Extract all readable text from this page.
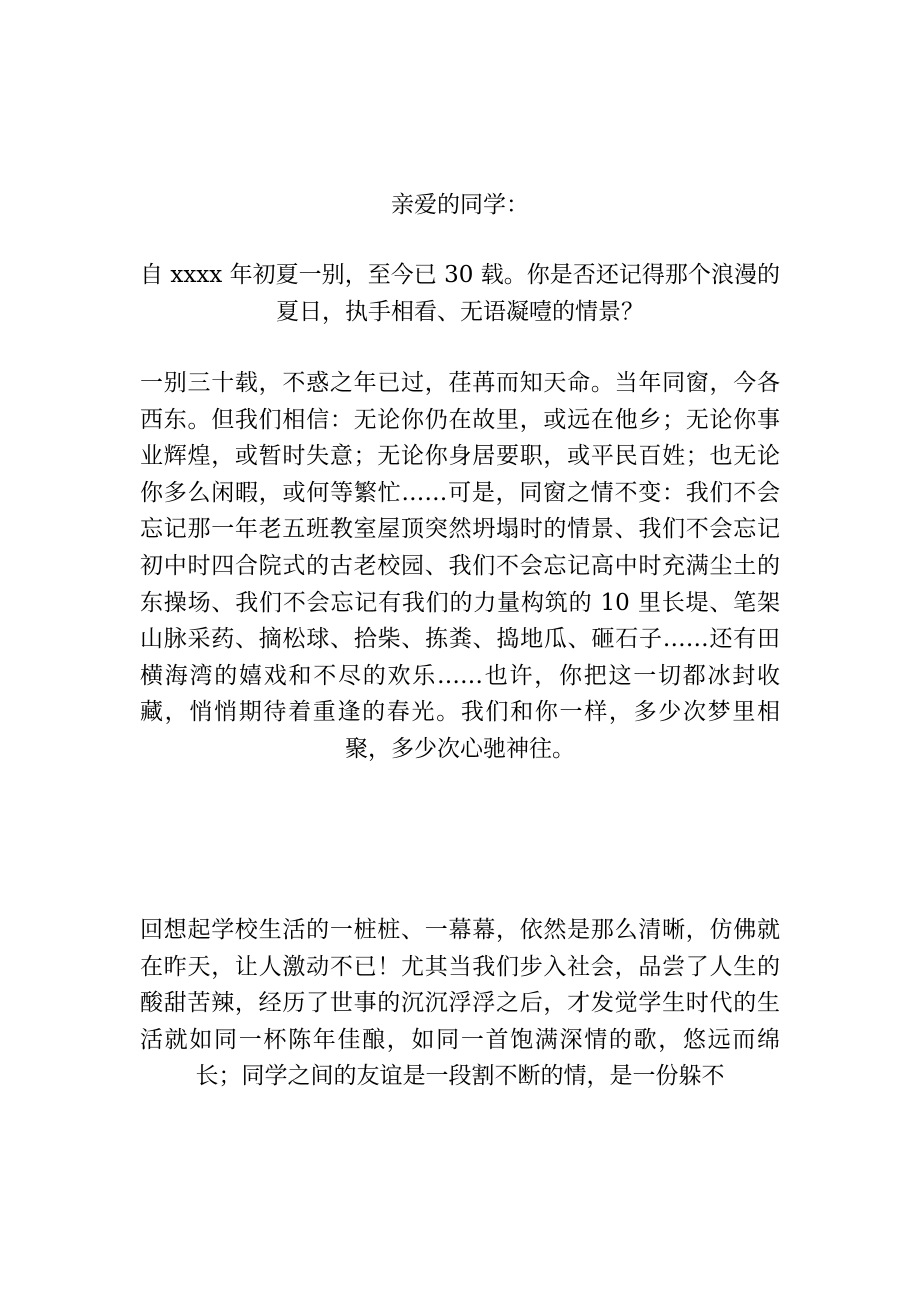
亲爱的同学：
自 xxxx 年初夏一别，至今已 30 载。你是否还记得那个浪漫的夏日，执手相看、无语凝噎的情景？
一别三十载，不惑之年已过，荏苒而知天命。当年同窗，今各西东。但我们相信：无论你仍在故里，或远在他乡；无论你事业辉煌，或暂时失意；无论你身居要职，或平民百姓；也无论你多么闲暇，或何等繁忙……可是，同窗之情不变：我们不会忘记那一年老五班教室屋顶突然坍塌时的情景、我们不会忘记初中时四合院式的古老校园、我们不会忘记高中时充满尘土的东操场、我们不会忘记有我们的力量构筑的 10 里长堤、笔架山脉采药、摘松球、拾柴、拣粪、捣地瓜、砸石子……还有田横海湾的嬉戏和不尽的欢乐……也许，你把这一切都冰封收藏，悄悄期待着重逢的春光。我们和你一样，多少次梦里相聚，多少次心驰神往。
回想起学校生活的一桩桩、一幕幕，依然是那么清晰，仿佛就在昨天，让人激动不已！尤其当我们步入社会，品尝了人生的酸甜苦辣，经历了世事的沉沉浮浮之后，才发觉学生时代的生活就如同一杯陈年佳酿，如同一首饱满深情的歌，悠远而绵长；同学之间的友谊是一段割不断的情，是一份躲不
